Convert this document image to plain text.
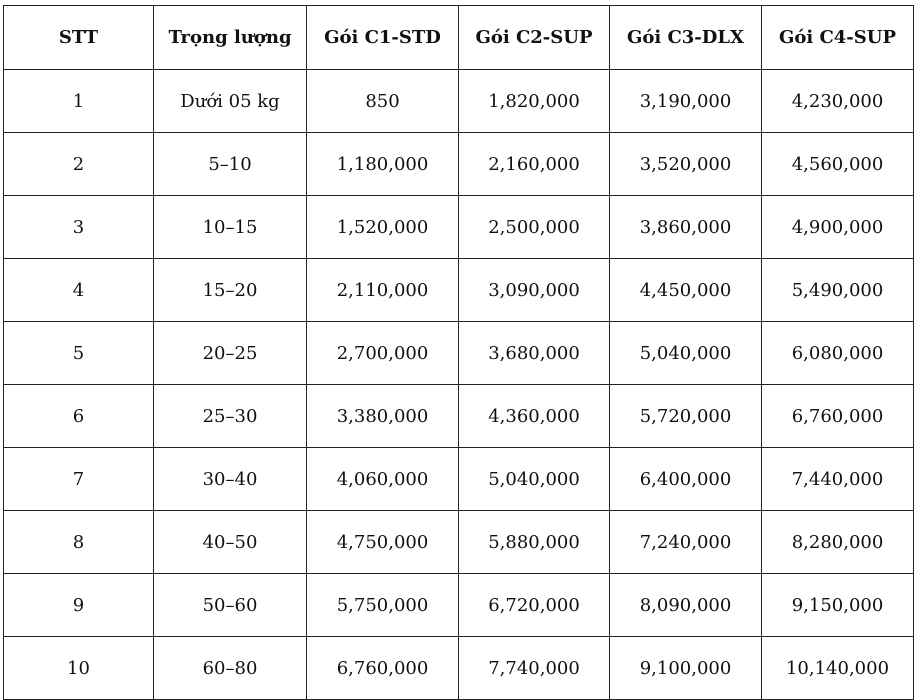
STT	Trọng lượng	Gói C1-STD	Gói C2-SUP	Gói C3-DLX	Gói C4-SUP
1	Dưới 05 kg	850	1,820,000	3,190,000	4,230,000
2	5–10	1,180,000	2,160,000	3,520,000	4,560,000
3	10–15	1,520,000	2,500,000	3,860,000	4,900,000
4	15–20	2,110,000	3,090,000	4,450,000	5,490,000
5	20–25	2,700,000	3,680,000	5,040,000	6,080,000
6	25–30	3,380,000	4,360,000	5,720,000	6,760,000
7	30–40	4,060,000	5,040,000	6,400,000	7,440,000
8	40–50	4,750,000	5,880,000	7,240,000	8,280,000
9	50–60	5,750,000	6,720,000	8,090,000	9,150,000
10	60–80	6,760,000	7,740,000	9,100,000	10,140,000
